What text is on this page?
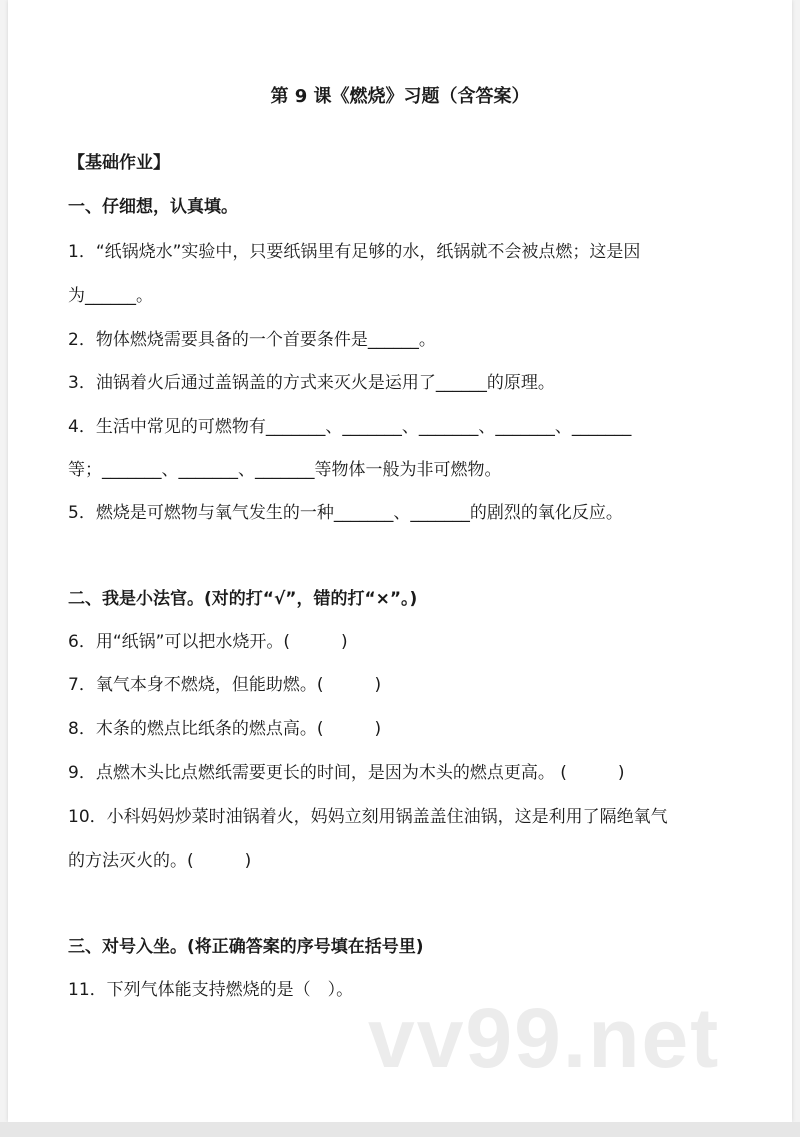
第 9 课《燃烧》习题（含答案）
【基础作业】
一、仔细想，认真填。
1．“纸锅烧水”实验中，只要纸锅里有足够的水，纸锅就不会被点燃；这是因
为______。
2．物体燃烧需要具备的一个首要条件是______。
3．油锅着火后通过盖锅盖的方式来灭火是运用了______的原理。
4．生活中常见的可燃物有_______、_______、_______、_______、_______
等；_______、_______、_______等物体一般为非可燃物。
5．燃烧是可燃物与氧气发生的一种_______、_______的剧烈的氧化反应。
二、我是小法官。(对的打“√”，错的打“×”。)
6．用“纸锅”可以把水烧开。(　　　)
7．氧气本身不燃烧，但能助燃。(　　　)
8．木条的燃点比纸条的燃点高。(　　　)
9．点燃木头比点燃纸需要更长的时间，是因为木头的燃点更高。 (　　　)
10．小科妈妈炒菜时油锅着火，妈妈立刻用锅盖盖住油锅，这是利用了隔绝氧气
的方法灭火的。(　　　)
三、对号入坐。(将正确答案的序号填在括号里)
11．下列气体能支持燃烧的是（　）。
vv99.net
